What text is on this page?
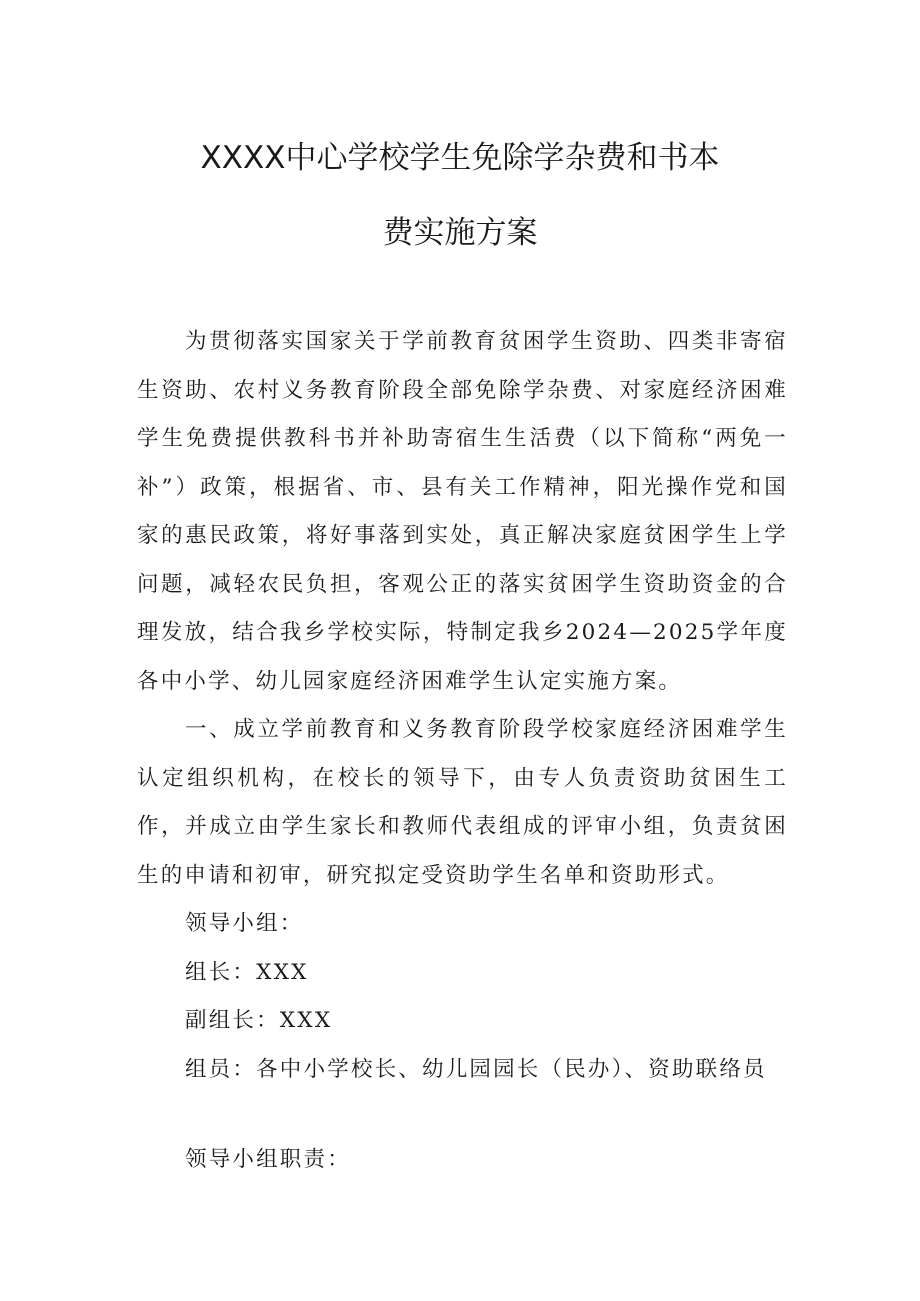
XXXX中心学校学生免除学杂费和书本
费实施方案

为贯彻落实国家关于学前教育贫困学生资助、四类非寄宿生资助、农村义务教育阶段全部免除学杂费、对家庭经济困难学生免费提供教科书并补助寄宿生生活费（以下简称“两免一补”）政策，根据省、市、县有关工作精神，阳光操作党和国家的惠民政策，将好事落到实处，真正解决家庭贫困学生上学问题，减轻农民负担，客观公正的落实贫困学生资助资金的合理发放，结合我乡学校实际，特制定我乡2024—2025学年度各中小学、幼儿园家庭经济困难学生认定实施方案。

一、成立学前教育和义务教育阶段学校家庭经济困难学生认定组织机构，在校长的领导下，由专人负责资助贫困生工作，并成立由学生家长和教师代表组成的评审小组，负责贫困生的申请和初审，研究拟定受资助学生名单和资助形式。

领导小组：

组长：XXX

副组长：XXX

组员：各中小学校长、幼儿园园长（民办）、资助联络员

领导小组职责：
